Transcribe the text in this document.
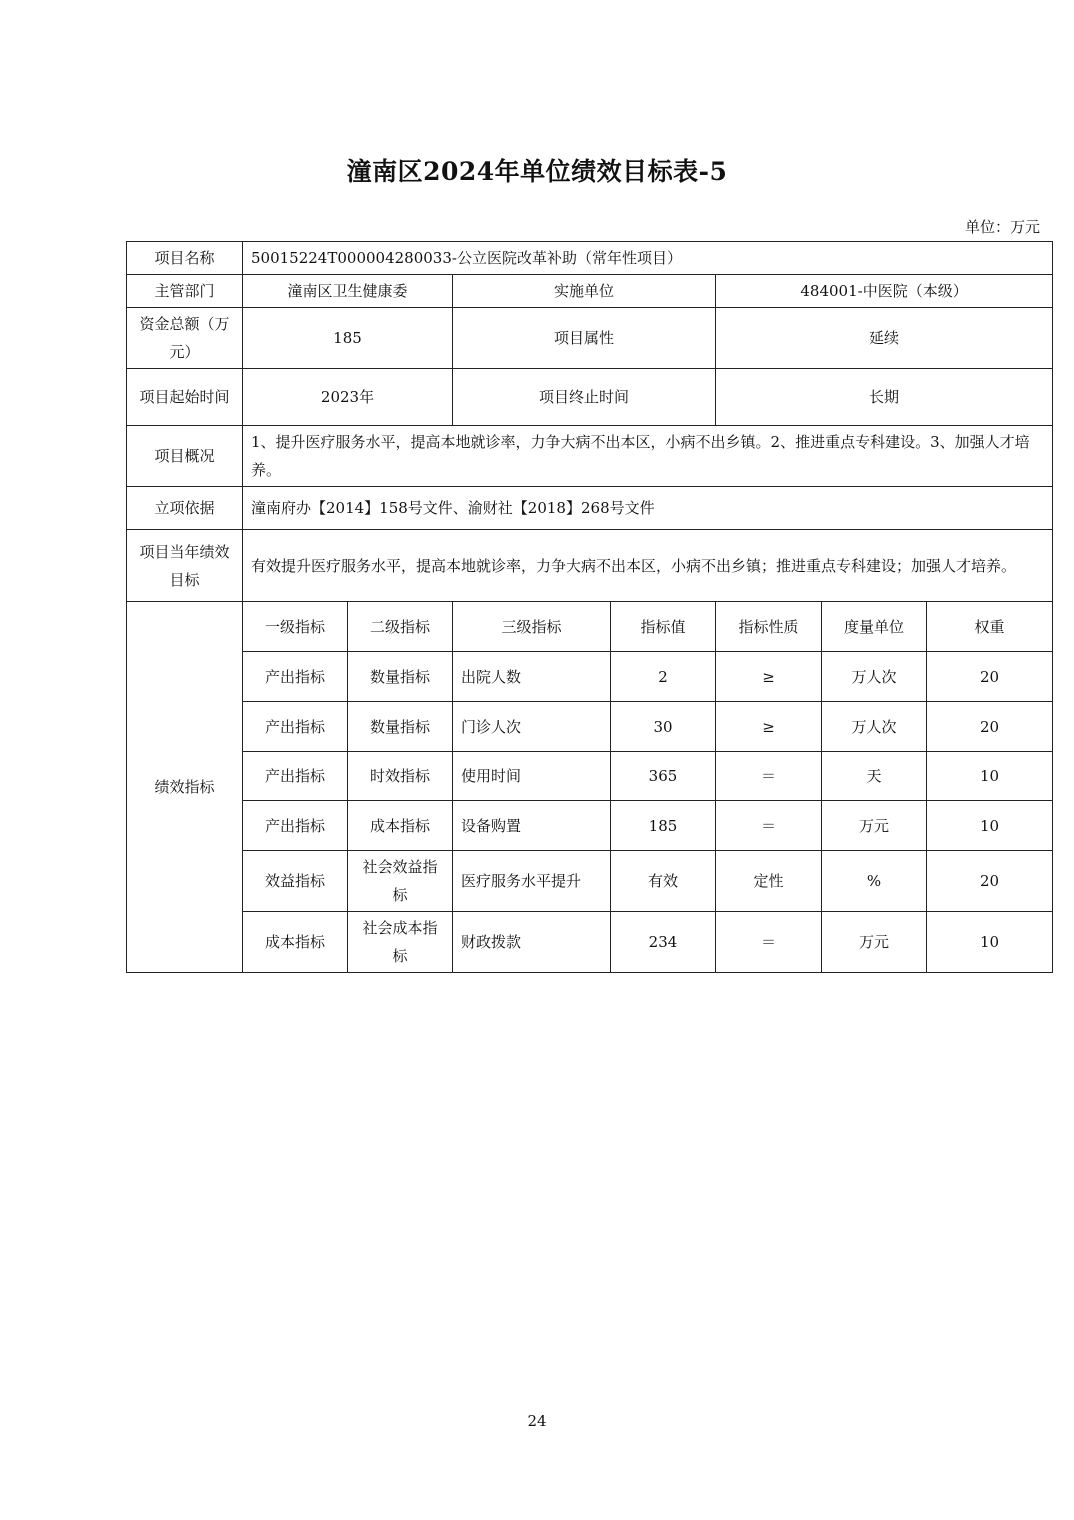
潼南区2024年单位绩效目标表-5
单位：万元
项目名称	50015224T000004280033-公立医院改革补助（常年性项目）						
主管部门	潼南区卫生健康委		实施单位		484001-中医院（本级）		
资金总额（万元）	185		项目属性		延续		
项目起始时间	2023年		项目终止时间		长期		
项目概况	1、提升医疗服务水平，提高本地就诊率，力争大病不出本区，小病不出乡镇。2、推进重点专科建设。3、加强人才培养。						
立项依据	潼南府办【2014】158号文件、渝财社【2018】268号文件						
项目当年绩效目标	有效提升医疗服务水平，提高本地就诊率，力争大病不出本区，小病不出乡镇；推进重点专科建设；加强人才培养。						
绩效指标	一级指标	二级指标	三级指标	指标值	指标性质	度量单位	权重
	产出指标	数量指标	出院人数	2	≥	万人次	20
	产出指标	数量指标	门诊人次	30	≥	万人次	20
	产出指标	时效指标	使用时间	365	＝	天	10
	产出指标	成本指标	设备购置	185	＝	万元	10
	效益指标	社会效益指标	医疗服务水平提升	有效	定性	%	20
	成本指标	社会成本指标	财政拨款	234	＝	万元	10
24
